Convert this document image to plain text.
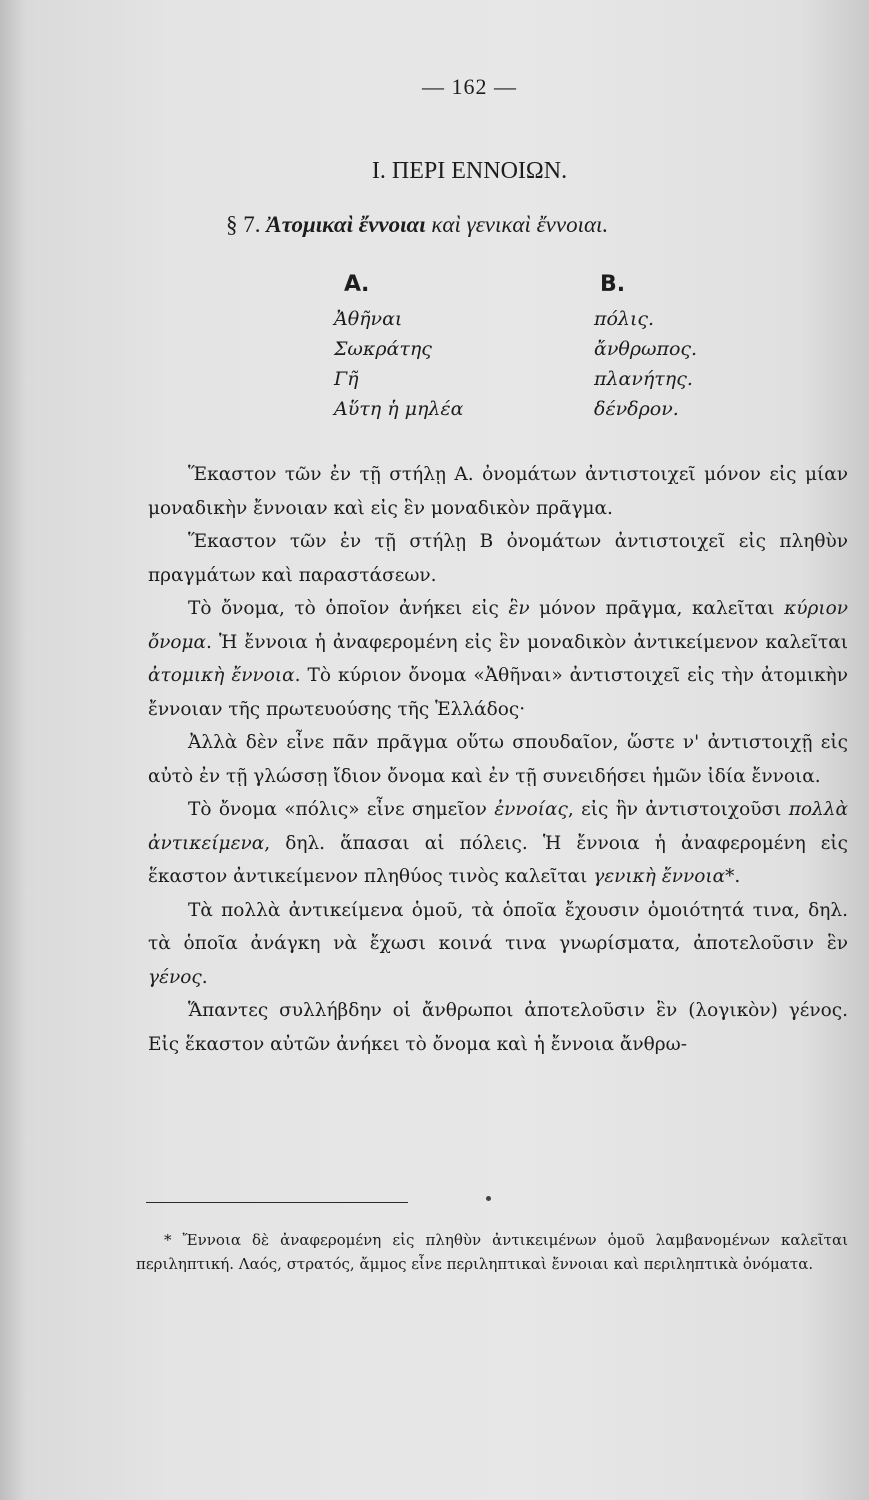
— 162 —
Ι. ΠΕΡΙ ΕΝΝΟΙΩΝ.
§ 7. Ἀτομικαὶ ἔννοιαι καὶ γενικαὶ ἔννοιαι.
Α.
Ἀθῆναι
Σωκράτης
Γῆ
Αὕτη ἡ μηλέα
Β.
πόλις.
ἄνθρωπος.
πλανήτης.
δένδρον.

Ἕκαστον τῶν ἐν τῇ στήλῃ Α. ὀνομάτων ἀντιστοιχεῖ μόνον εἰς μίαν μοναδικὴν ἔννοιαν καὶ εἰς ἓν μοναδικὸν πρᾶγμα.

Ἕκαστον τῶν ἐν τῇ στήλῃ Β ὀνομάτων ἀντιστοιχεῖ εἰς πληθὺν πραγμάτων καὶ παραστάσεων.

Τὸ ὄνομα, τὸ ὁποῖον ἀνήκει εἰς ἓν μόνον πρᾶγμα, καλεῖται κύριον ὄνομα. Ἡ ἔννοια ἡ ἀναφερομένη εἰς ἓν μοναδικὸν ἀντικείμενον καλεῖται ἀτομικὴ ἔννοια. Τὸ κύριον ὄνομα «Ἀθῆναι» ἀντιστοιχεῖ εἰς τὴν ἀτομικὴν ἔννοιαν τῆς πρωτευούσης τῆς Ἑλλάδος·

Ἀλλὰ δὲν εἶνε πᾶν πρᾶγμα οὕτω σπουδαῖον, ὥστε ν' ἀντιστοιχῇ εἰς αὐτὸ ἐν τῇ γλώσσῃ ἴδιον ὄνομα καὶ ἐν τῇ συνειδήσει ἡμῶν ἰδία ἔννοια.

Τὸ ὄνομα «πόλις» εἶνε σημεῖον ἐννοίας, εἰς ἣν ἀντιστοιχοῦσι πολλὰ ἀντικείμενα, δηλ. ἅπασαι αἱ πόλεις. Ἡ ἔννοια ἡ ἀναφερομένη εἰς ἕκαστον ἀντικείμενον πληθύος τινὸς καλεῖται γενικὴ ἔννοια*.

Τὰ πολλὰ ἀντικείμενα ὁμοῦ, τὰ ὁποῖα ἔχουσιν ὁμοιότητά τινα, δηλ. τὰ ὁποῖα ἀνάγκη νὰ ἔχωσι κοινά τινα γνωρίσματα, ἀποτελοῦσιν ἓν γένος.

Ἅπαντες συλλήβδην οἱ ἄνθρωποι ἀποτελοῦσιν ἓν (λογικὸν) γένος. Εἰς ἕκαστον αὐτῶν ἀνήκει τὸ ὄνομα καὶ ἡ ἔννοια ἄνθρω-

* Ἔννοια δὲ ἀναφερομένη εἰς πληθὺν ἀντικειμένων ὁμοῦ λαμβανομένων καλεῖται περιληπτική. Λαός, στρατός, ἄμμος εἶνε περιληπτικαὶ ἔννοιαι καὶ περιληπτικὰ ὀνόματα.
